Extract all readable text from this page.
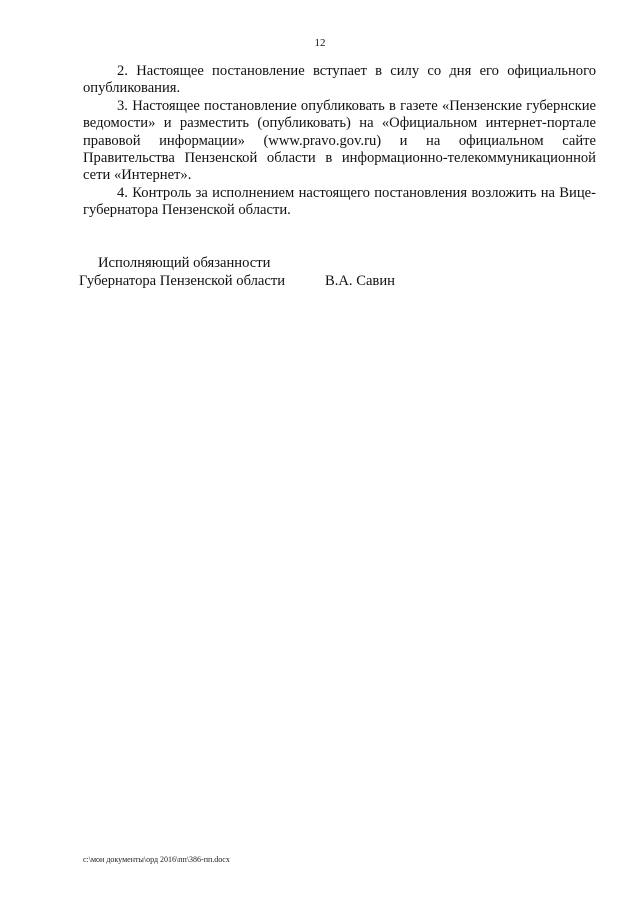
12

2. Настоящее постановление вступает в силу со дня его официального опубликования.

3. Настоящее постановление опубликовать в газете «Пензенские губернские ведомости» и разместить (опубликовать) на «Официальном интернет-портале правовой информации» (www.pravo.gov.ru) и на официальном сайте Правительства Пензенской области в информационно-телекоммуникационной сети «Интернет».

4. Контроль за исполнением настоящего постановления возложить на Вице-губернатора Пензенской области.

Исполняющий обязанности
Губернатора Пензенской области	В.А. Савин
c:\мои документы\орд 2016\пп\386-пп.docx
